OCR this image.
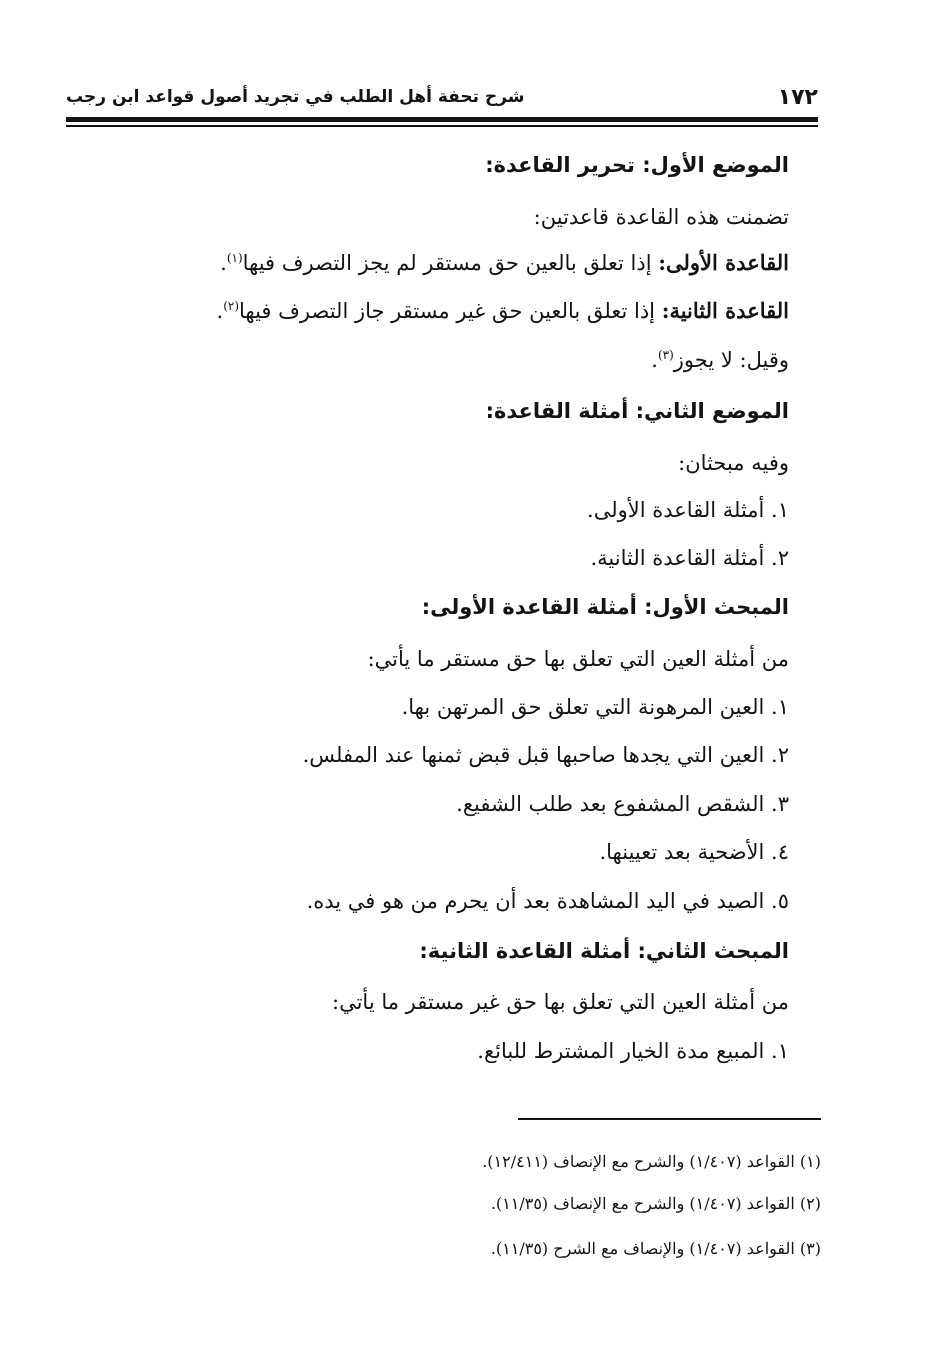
١٧٢
شرح تحفة أهل الطلب في تجريد أصول قواعد ابن رجب
الموضع الأول: تحرير القاعدة:
تضمنت هذه القاعدة قاعدتين:
القاعدة الأولى: إذا تعلق بالعين حق مستقر لم يجز التصرف فيها$^{(١)}$.
القاعدة الثانية: إذا تعلق بالعين حق غير مستقر جاز التصرف فيها$^{(٢)}$.
وقيل: لا يجوز$^{(٣)}$.
الموضع الثاني: أمثلة القاعدة:
وفيه مبحثان:
١. أمثلة القاعدة الأولى.
٢. أمثلة القاعدة الثانية.
المبحث الأول: أمثلة القاعدة الأولى:
من أمثلة العين التي تعلق بها حق مستقر ما يأتي:
١. العين المرهونة التي تعلق حق المرتهن بها.
٢. العين التي يجدها صاحبها قبل قبض ثمنها عند المفلس.
٣. الشقص المشفوع بعد طلب الشفيع.
٤. الأضحية بعد تعيينها.
٥. الصيد في اليد المشاهدة بعد أن يحرم من هو في يده.
المبحث الثاني: أمثلة القاعدة الثانية:
من أمثلة العين التي تعلق بها حق غير مستقر ما يأتي:
١. المبيع مدة الخيار المشترط للبائع.
(١) القواعد (١/٤٠٧) والشرح مع الإنصاف (١٢/٤١١).
(٢) القواعد (١/٤٠٧) والشرح مع الإنصاف (١١/٣٥).
(٣) القواعد (١/٤٠٧) والإنصاف مع الشرح (١١/٣٥).
